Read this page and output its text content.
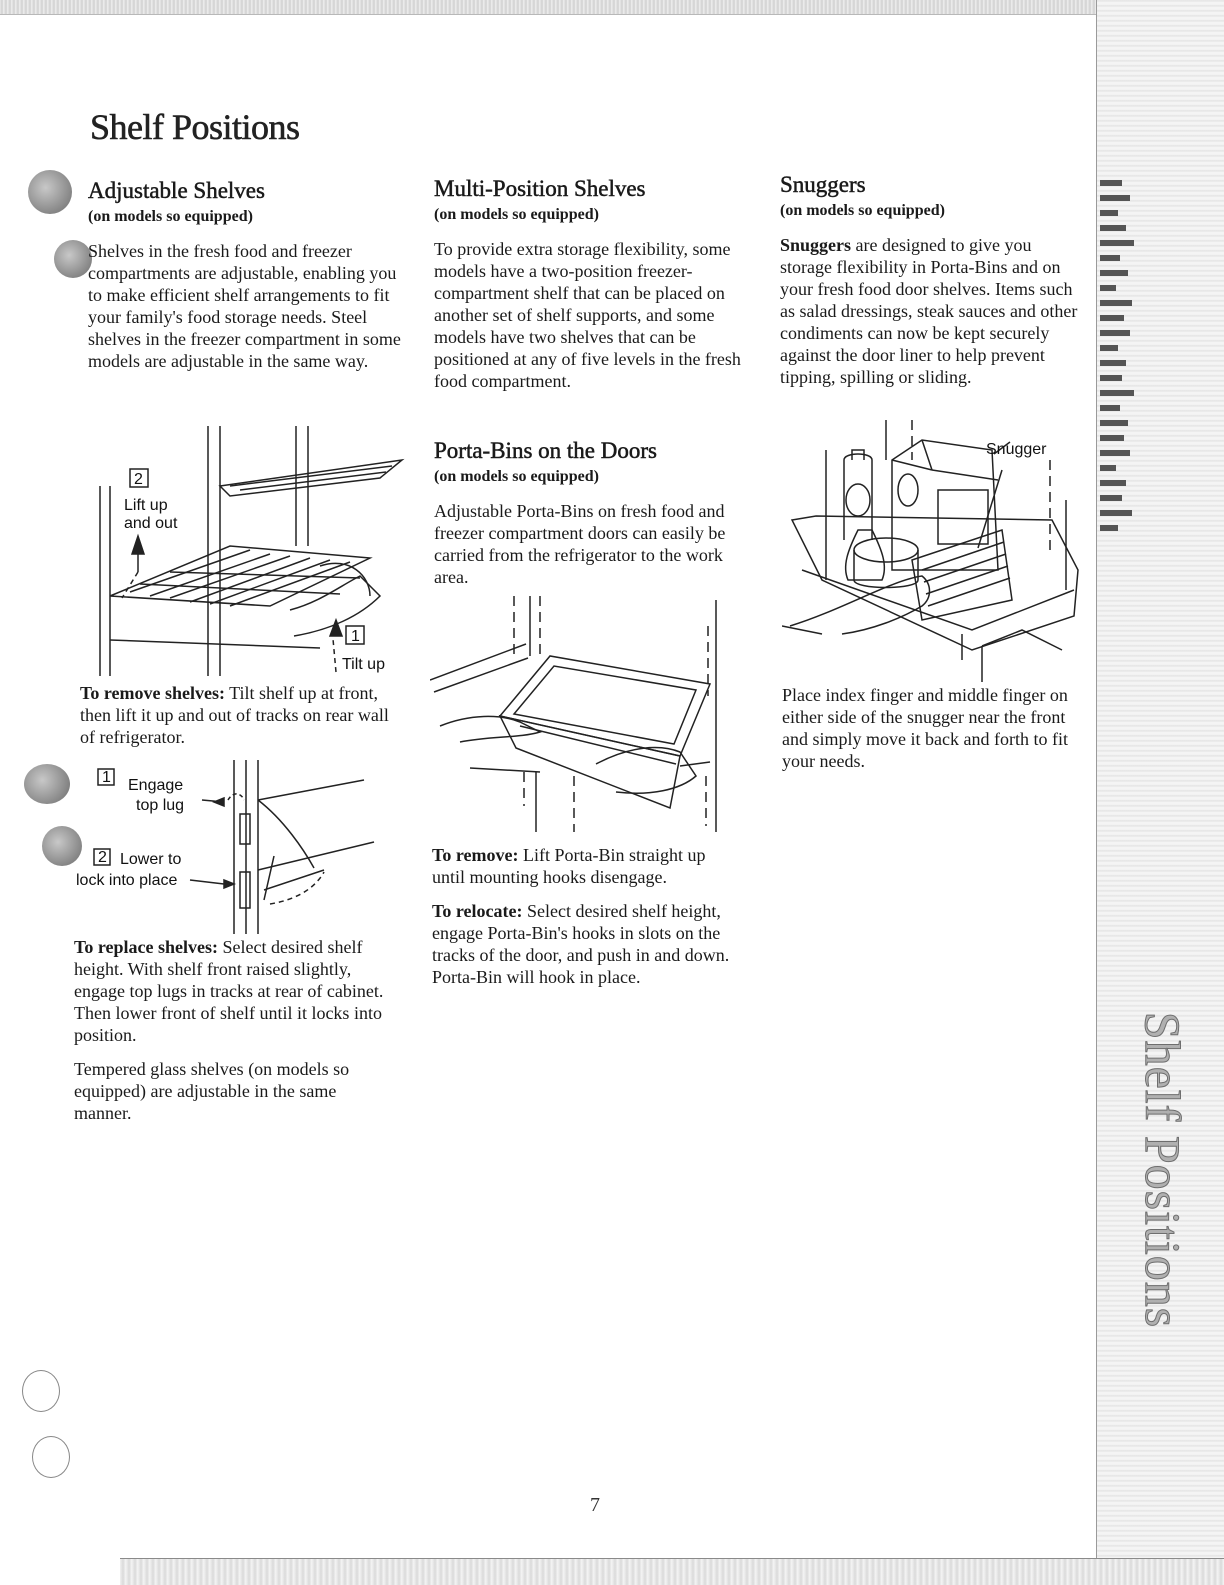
Shelf Positions
Shelf Positions
Adjustable Shelves
(on models so equipped)

Shelves in the fresh food and freezer compartments are adjustable, enabling you to make efficient shelf arrangements to fit your family's food storage needs. Steel shelves in the freezer compartment in some models are adjustable in the same way.

2
Lift up
and out
1
Tilt up

To remove shelves: Tilt shelf up at front, then lift it up and out of tracks on rear wall of refrigerator.

1 Engage
top lug
2 Lower to
lock into place

To replace shelves: Select desired shelf height. With shelf front raised slightly, engage top lugs in tracks at rear of cabinet. Then lower front of shelf until it locks into position.

Tempered glass shelves (on models so equipped) are adjustable in the same manner.

Multi-Position Shelves
(on models so equipped)

To provide extra storage flexibility, some models have a two-position freezer-compartment shelf that can be placed on another set of shelf supports, and some models have two shelves that can be positioned at any of five levels in the fresh food compartment.

Porta-Bins on the Doors
(on models so equipped)

Adjustable Porta-Bins on fresh food and freezer compartment doors can easily be carried from the refrigerator to the work area.

To remove: Lift Porta-Bin straight up until mounting hooks disengage.

To relocate: Select desired shelf height, engage Porta-Bin's hooks in slots on the tracks of the door, and push in and down. Porta-Bin will hook in place.

Snuggers
(on models so equipped)

Snuggers are designed to give you storage flexibility in Porta-Bins and on your fresh food door shelves. Items such as salad dressings, steak sauces and other condiments can now be kept securely against the door liner to help prevent tipping, spilling or sliding.

Snugger

Place index finger and middle finger on either side of the snugger near the front and simply move it back and forth to fit your needs.

7
